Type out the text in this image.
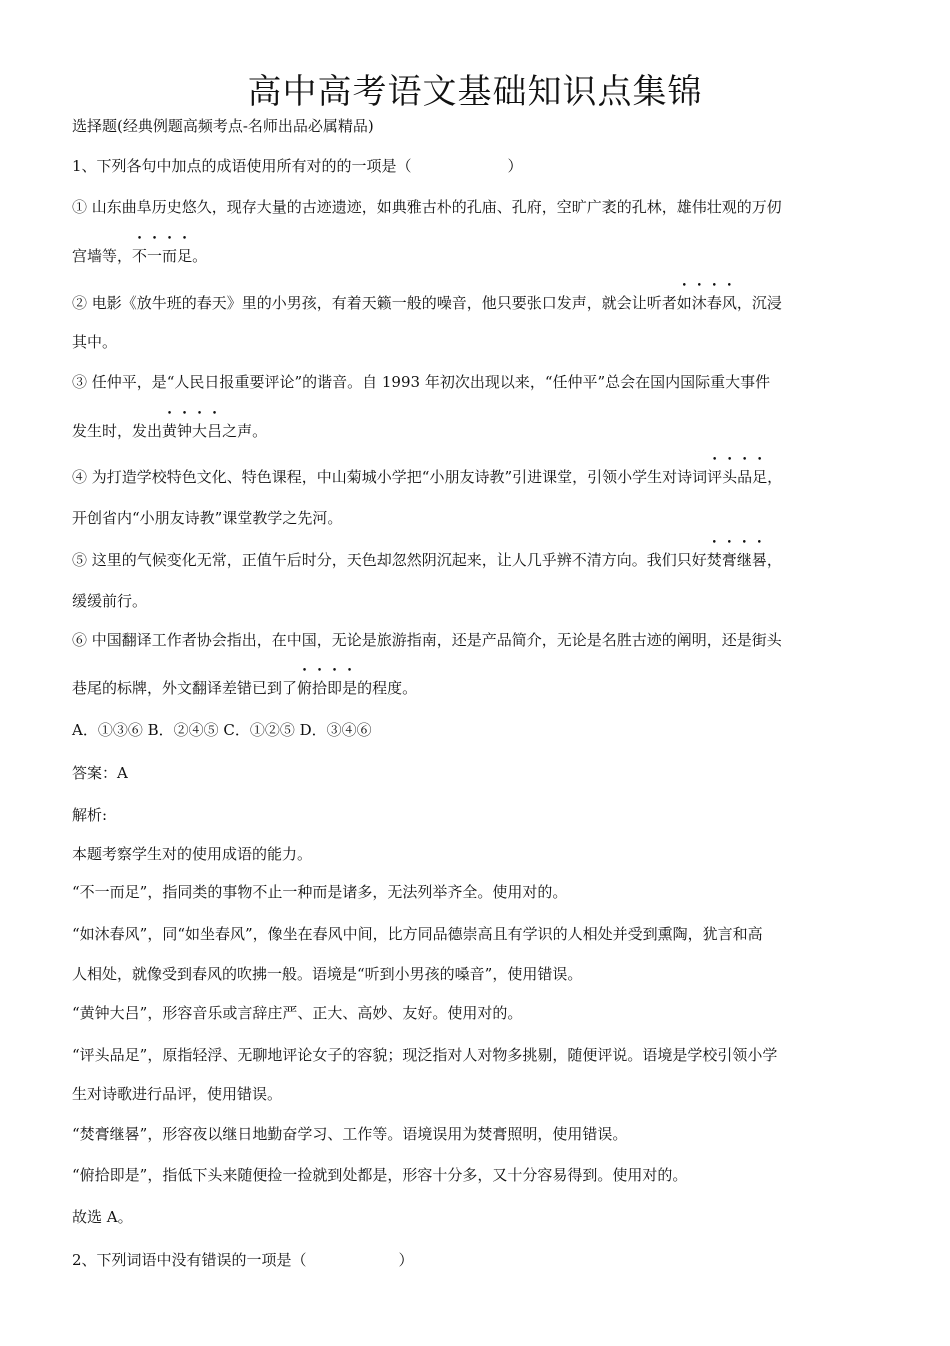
高中高考语文基础知识点集锦
选择题(经典例题高频考点-名师出品必属精品)
1、下列各句中加点的成语使用所有对的的一项是（	）
① 山东曲阜历史悠久，现存大量的古迹遗迹，如典雅古朴的孔庙、孔府，空旷广袤的孔林，雄伟壮观的万仞
宫墙等，不一而足。
② 电影《放牛班的春天》里的小男孩，有着天籁一般的噪音，他只要张口发声，就会让听者如沐春风，沉浸
其中。
③ 任仲平，是“人民日报重要评论”的谐音。自 1993 年初次出现以来，“任仲平”总会在国内国际重大事件
发生时，发出黄钟大吕之声。
④ 为打造学校特色文化、特色课程，中山菊城小学把“小朋友诗教”引进课堂，引领小学生对诗词评头品足，
开创省内“小朋友诗教”课堂教学之先河。
⑤ 这里的气候变化无常，正值午后时分，天色却忽然阴沉起来，让人几乎辨不清方向。我们只好焚膏继晷，
缓缓前行。
⑥ 中国翻译工作者协会指出，在中国，无论是旅游指南，还是产品简介，无论是名胜古迹的阐明，还是街头
巷尾的标牌，外文翻译差错已到了俯拾即是的程度。
A．①③⑥ B．②④⑤ C．①②⑤ D．③④⑥
答案：A
解析:
本题考察学生对的使用成语的能力。
“不一而足”，指同类的事物不止一种而是诸多，无法列举齐全。使用对的。
“如沐春风”，同“如坐春风”，像坐在春风中间，比方同品德崇高且有学识的人相处并受到熏陶，犹言和高
人相处，就像受到春风的吹拂一般。语境是“听到小男孩的嗓音”，使用错误。
“黄钟大吕”，形容音乐或言辞庄严、正大、高妙、友好。使用对的。
“评头品足”，原指轻浮、无聊地评论女子的容貌；现泛指对人对物多挑剔，随便评说。语境是学校引领小学
生对诗歌进行品评，使用错误。
“焚膏继晷”，形容夜以继日地勤奋学习、工作等。语境误用为焚膏照明，使用错误。
“俯拾即是”，指低下头来随便捡一捡就到处都是，形容十分多，又十分容易得到。使用对的。
故选 A。
2、下列词语中没有错误的一项是（	）
